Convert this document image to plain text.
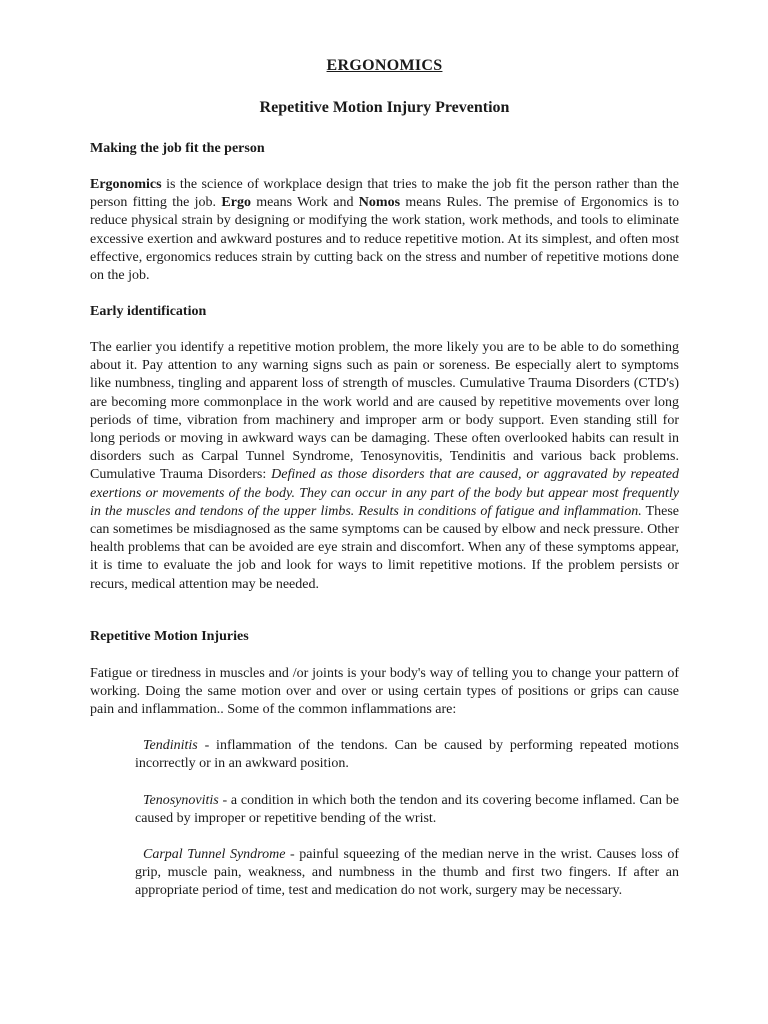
ERGONOMICS
Repetitive Motion Injury Prevention
Making the job fit the person
Ergonomics is the science of workplace design that tries to make the job fit the person rather than the person fitting the job. Ergo means Work and Nomos means Rules. The premise of Ergonomics is to reduce physical strain by designing or modifying the work station, work methods, and tools to eliminate excessive exertion and awkward postures and to reduce repetitive motion. At its simplest, and often most effective, ergonomics reduces strain by cutting back on the stress and number of repetitive motions done on the job.
Early identification
The earlier you identify a repetitive motion problem, the more likely you are to be able to do something about it. Pay attention to any warning signs such as pain or soreness. Be especially alert to symptoms like numbness, tingling and apparent loss of strength of muscles. Cumulative Trauma Disorders (CTD's) are becoming more commonplace in the work world and are caused by repetitive movements over long periods of time, vibration from machinery and improper arm or body support. Even standing still for long periods or moving in awkward ways can be damaging. These often overlooked habits can result in disorders such as Carpal Tunnel Syndrome, Tenosynovitis, Tendinitis and various back problems. Cumulative Trauma Disorders: Defined as those disorders that are caused, or aggravated by repeated exertions or movements of the body. They can occur in any part of the body but appear most frequently in the muscles and tendons of the upper limbs. Results in conditions of fatigue and inflammation. These can sometimes be misdiagnosed as the same symptoms can be caused by elbow and neck pressure. Other health problems that can be avoided are eye strain and discomfort. When any of these symptoms appear, it is time to evaluate the job and look for ways to limit repetitive motions. If the problem persists or recurs, medical attention may be needed.
Repetitive Motion Injuries
Fatigue or tiredness in muscles and /or joints is your body's way of telling you to change your pattern of working. Doing the same motion over and over or using certain types of positions or grips can cause pain and inflammation.. Some of the common inflammations are:
Tendinitis - inflammation of the tendons. Can be caused by performing repeated motions incorrectly or in an awkward position.
Tenosynovitis - a condition in which both the tendon and its covering become inflamed. Can be caused by improper or repetitive bending of the wrist.
Carpal Tunnel Syndrome - painful squeezing of the median nerve in the wrist. Causes loss of grip, muscle pain, weakness, and numbness in the thumb and first two fingers. If after an appropriate period of time, test and medication do not work, surgery may be necessary.
